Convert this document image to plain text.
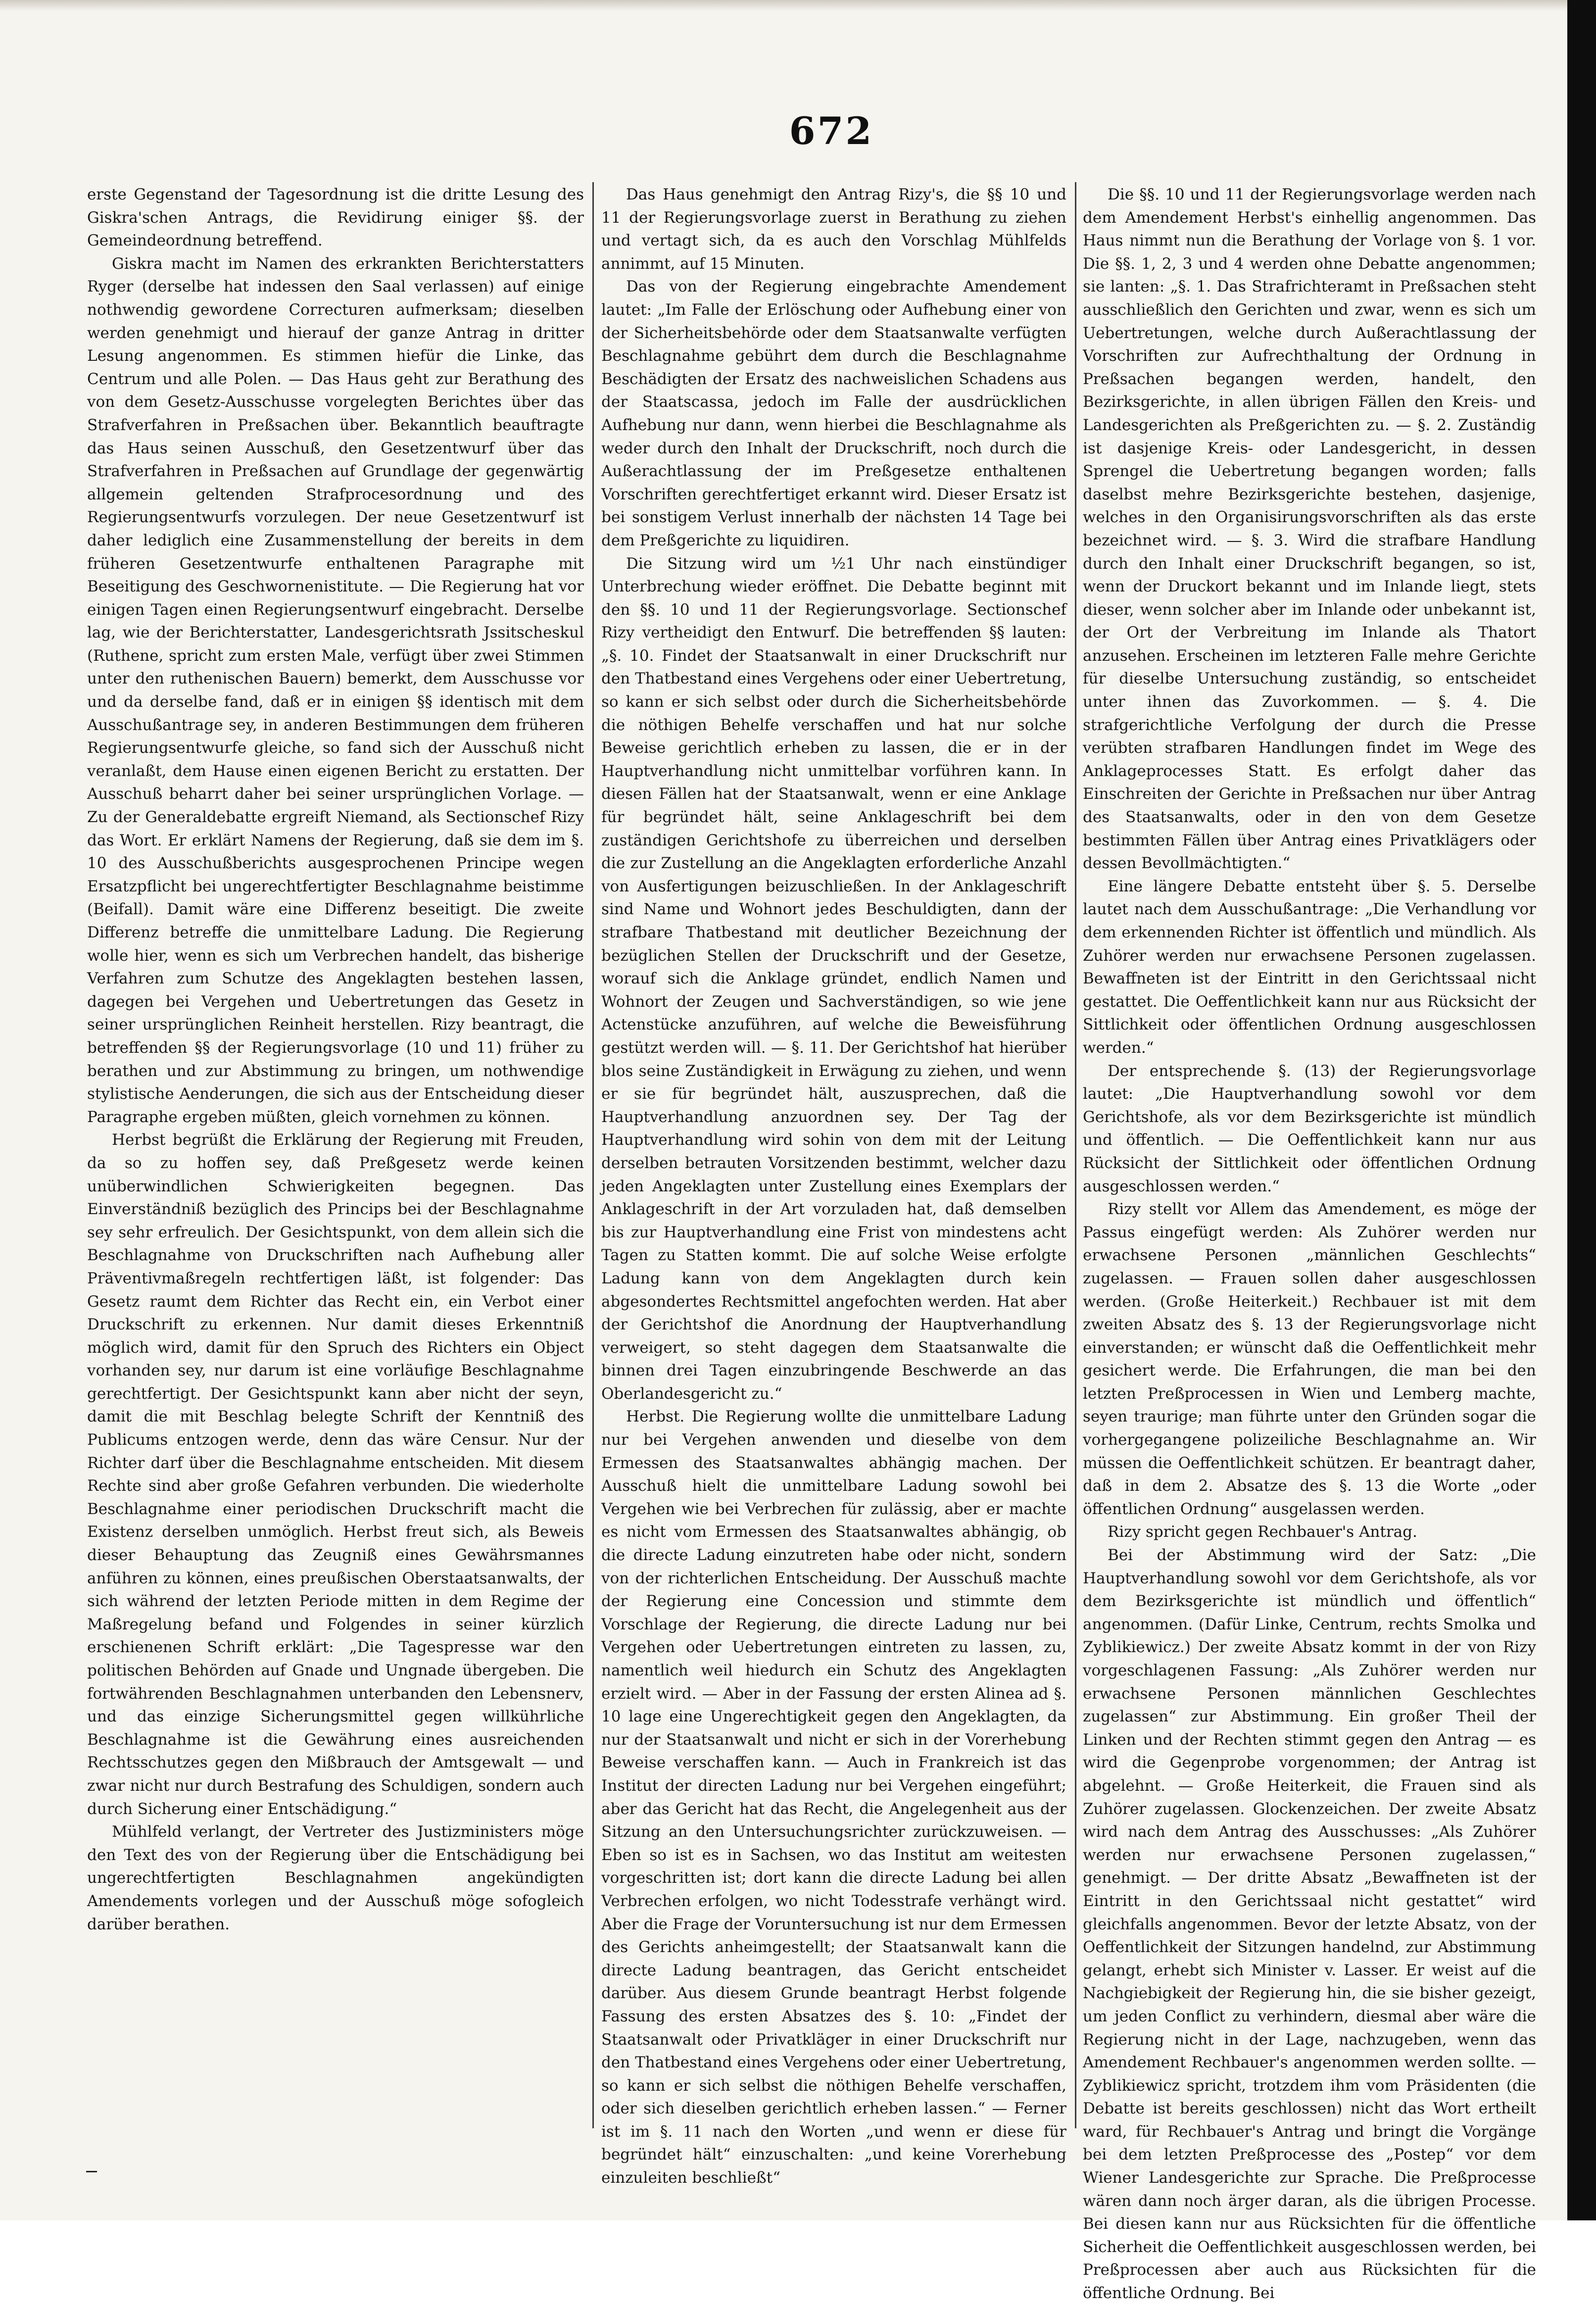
672

erste Gegenstand der Tagesordnung ist die dritte Lesung des Giskra'schen Antrags, die Revidirung einiger §§. der Gemeindeordnung betreffend.

Giskra macht im Namen des erkrankten Berichterstatters Ryger (derselbe hat indessen den Saal verlassen) auf einige nothwendig gewordene Correcturen aufmerksam; dieselben werden genehmigt und hierauf der ganze Antrag in dritter Lesung angenommen. Es stimmen hiefür die Linke, das Centrum und alle Polen. — Das Haus geht zur Berathung des von dem Gesetz-Ausschusse vorgelegten Berichtes über das Strafverfahren in Preßsachen über. Bekanntlich beauftragte das Haus seinen Ausschuß, den Gesetzentwurf über das Strafverfahren in Preßsachen auf Grundlage der gegenwärtig allgemein geltenden Strafprocesordnung und des Regierungsentwurfs vorzulegen. Der neue Gesetzentwurf ist daher lediglich eine Zusammenstellung der bereits in dem früheren Gesetzentwurfe enthaltenen Paragraphe mit Beseitigung des Geschwornenistitute. — Die Regierung hat vor einigen Tagen einen Regierungsentwurf eingebracht. Derselbe lag, wie der Berichterstatter, Landesgerichtsrath Jssitscheskul (Ruthene, spricht zum ersten Male, verfügt über zwei Stimmen unter den ruthenischen Bauern) bemerkt, dem Ausschusse vor und da derselbe fand, daß er in einigen §§ identisch mit dem Ausschußantrage sey, in anderen Bestimmungen dem früheren Regierungsentwurfe gleiche, so fand sich der Ausschuß nicht veranlaßt, dem Hause einen eigenen Bericht zu erstatten. Der Ausschuß beharrt daher bei seiner ursprünglichen Vorlage. — Zu der Generaldebatte ergreift Niemand, als Sectionschef Rizy das Wort. Er erklärt Namens der Regierung, daß sie dem im §. 10 des Ausschußberichts ausgesprochenen Principe wegen Ersatzpflicht bei ungerechtfertigter Beschlagnahme beistimme (Beifall). Damit wäre eine Differenz beseitigt. Die zweite Differenz betreffe die unmittelbare Ladung. Die Regierung wolle hier, wenn es sich um Verbrechen handelt, das bisherige Verfahren zum Schutze des Angeklagten bestehen lassen, dagegen bei Vergehen und Uebertretungen das Gesetz in seiner ursprünglichen Reinheit herstellen. Rizy beantragt, die betreffenden §§ der Regierungsvorlage (10 und 11) früher zu berathen und zur Abstimmung zu bringen, um nothwendige stylistische Aenderungen, die sich aus der Entscheidung dieser Paragraphe ergeben müßten, gleich vornehmen zu können.

Herbst begrüßt die Erklärung der Regierung mit Freuden, da so zu hoffen sey, daß Preßgesetz werde keinen unüberwindlichen Schwierigkeiten begegnen. Das Einverständniß bezüglich des Princips bei der Beschlagnahme sey sehr erfreulich. Der Gesichtspunkt, von dem allein sich die Beschlagnahme von Druckschriften nach Aufhebung aller Präventivmaßregeln rechtfertigen läßt, ist folgender: Das Gesetz raumt dem Richter das Recht ein, ein Verbot einer Druckschrift zu erkennen. Nur damit dieses Erkenntniß möglich wird, damit für den Spruch des Richters ein Object vorhanden sey, nur darum ist eine vorläufige Beschlagnahme gerechtfertigt. Der Gesichtspunkt kann aber nicht der seyn, damit die mit Beschlag belegte Schrift der Kenntniß des Publicums entzogen werde, denn das wäre Censur. Nur der Richter darf über die Beschlagnahme entscheiden. Mit diesem Rechte sind aber große Gefahren verbunden. Die wiederholte Beschlagnahme einer periodischen Druckschrift macht die Existenz derselben unmöglich. Herbst freut sich, als Beweis dieser Behauptung das Zeugniß eines Gewährsmannes anführen zu können, eines preußischen Oberstaatsanwalts, der sich während der letzten Periode mitten in dem Regime der Maßregelung befand und Folgendes in seiner kürzlich erschienenen Schrift erklärt: „Die Tagespresse war den politischen Behörden auf Gnade und Ungnade übergeben. Die fortwährenden Beschlagnahmen unterbanden den Lebensnerv, und das einzige Sicherungsmittel gegen willkührliche Beschlagnahme ist die Gewährung eines ausreichenden Rechtsschutzes gegen den Mißbrauch der Amtsgewalt — und zwar nicht nur durch Bestrafung des Schuldigen, sondern auch durch Sicherung einer Entschädigung.“

Mühlfeld verlangt, der Vertreter des Justizministers möge den Text des von der Regierung über die Entschädigung bei ungerechtfertigten Beschlagnahmen angekündigten Amendements vorlegen und der Ausschuß möge sofogleich darüber berathen.

Das Haus genehmigt den Antrag Rizy's, die §§ 10 und 11 der Regierungsvorlage zuerst in Berathung zu ziehen und vertagt sich, da es auch den Vorschlag Mühlfelds annimmt, auf 15 Minuten.

Das von der Regierung eingebrachte Amendement lautet: „Im Falle der Erlöschung oder Aufhebung einer von der Sicherheitsbehörde oder dem Staatsanwalte verfügten Beschlagnahme gebührt dem durch die Beschlagnahme Beschädigten der Ersatz des nachweislichen Schadens aus der Staatscassa, jedoch im Falle der ausdrücklichen Aufhebung nur dann, wenn hierbei die Beschlagnahme als weder durch den Inhalt der Druckschrift, noch durch die Außerachtlassung der im Preßgesetze enthaltenen Vorschriften gerechtfertiget erkannt wird. Dieser Ersatz ist bei sonstigem Verlust innerhalb der nächsten 14 Tage bei dem Preßgerichte zu liquidiren.

Die Sitzung wird um ½1 Uhr nach einstündiger Unterbrechung wieder eröffnet. Die Debatte beginnt mit den §§. 10 und 11 der Regierungsvorlage. Sectionschef Rizy vertheidigt den Entwurf. Die betreffenden §§ lauten: „§. 10. Findet der Staatsanwalt in einer Druckschrift nur den Thatbestand eines Vergehens oder einer Uebertretung, so kann er sich selbst oder durch die Sicherheitsbehörde die nöthigen Behelfe verschaffen und hat nur solche Beweise gerichtlich erheben zu lassen, die er in der Hauptverhandlung nicht unmittelbar vorführen kann. In diesen Fällen hat der Staatsanwalt, wenn er eine Anklage für begründet hält, seine Anklageschrift bei dem zuständigen Gerichtshofe zu überreichen und derselben die zur Zustellung an die Angeklagten erforderliche Anzahl von Ausfertigungen beizuschließen. In der Anklageschrift sind Name und Wohnort jedes Beschuldigten, dann der strafbare Thatbestand mit deutlicher Bezeichnung der bezüglichen Stellen der Druckschrift und der Gesetze, worauf sich die Anklage gründet, endlich Namen und Wohnort der Zeugen und Sachverständigen, so wie jene Actenstücke anzuführen, auf welche die Beweisführung gestützt werden will. — §. 11. Der Gerichtshof hat hierüber blos seine Zuständigkeit in Erwägung zu ziehen, und wenn er sie für begründet hält, auszusprechen, daß die Hauptverhandlung anzuordnen sey. Der Tag der Hauptverhandlung wird sohin von dem mit der Leitung derselben betrauten Vorsitzenden bestimmt, welcher dazu jeden Angeklagten unter Zustellung eines Exemplars der Anklageschrift in der Art vorzuladen hat, daß demselben bis zur Hauptverhandlung eine Frist von mindestens acht Tagen zu Statten kommt. Die auf solche Weise erfolgte Ladung kann von dem Angeklagten durch kein abgesondertes Rechtsmittel angefochten werden. Hat aber der Gerichtshof die Anordnung der Hauptverhandlung verweigert, so steht dagegen dem Staatsanwalte die binnen drei Tagen einzubringende Beschwerde an das Oberlandesgericht zu.“

Herbst. Die Regierung wollte die unmittelbare Ladung nur bei Vergehen anwenden und dieselbe von dem Ermessen des Staatsanwaltes abhängig machen. Der Ausschuß hielt die unmittelbare Ladung sowohl bei Vergehen wie bei Verbrechen für zulässig, aber er machte es nicht vom Ermessen des Staatsanwaltes abhängig, ob die directe Ladung einzutreten habe oder nicht, sondern von der richterlichen Entscheidung. Der Ausschuß machte der Regierung eine Concession und stimmte dem Vorschlage der Regierung, die directe Ladung nur bei Vergehen oder Uebertretungen eintreten zu lassen, zu, namentlich weil hiedurch ein Schutz des Angeklagten erzielt wird. — Aber in der Fassung der ersten Alinea ad §. 10 lage eine Ungerechtigkeit gegen den Angeklagten, da nur der Staatsanwalt und nicht er sich in der Vorerhebung Beweise verschaffen kann. — Auch in Frankreich ist das Institut der directen Ladung nur bei Vergehen eingeführt; aber das Gericht hat das Recht, die Angelegenheit aus der Sitzung an den Untersuchungsrichter zurückzuweisen. — Eben so ist es in Sachsen, wo das Institut am weitesten vorgeschritten ist; dort kann die directe Ladung bei allen Verbrechen erfolgen, wo nicht Todesstrafe verhängt wird. Aber die Frage der Voruntersuchung ist nur dem Ermessen des Gerichts anheimgestellt; der Staatsanwalt kann die directe Ladung beantragen, das Gericht entscheidet darüber. Aus diesem Grunde beantragt Herbst folgende Fassung des ersten Absatzes des §. 10: „Findet der Staatsanwalt oder Privatkläger in einer Druckschrift nur den Thatbestand eines Vergehens oder einer Uebertretung, so kann er sich selbst die nöthigen Behelfe verschaffen, oder sich dieselben gerichtlich erheben lassen.“ — Ferner ist im §. 11 nach den Worten „und wenn er diese für begründet hält“ einzuschalten: „und keine Vorerhebung einzuleiten beschließt“

Die §§. 10 und 11 der Regierungsvorlage werden nach dem Amendement Herbst's einhellig angenommen. Das Haus nimmt nun die Berathung der Vorlage von §. 1 vor. Die §§. 1, 2, 3 und 4 werden ohne Debatte angenommen; sie lanten: „§. 1. Das Strafrichteramt in Preßsachen steht ausschließlich den Gerichten und zwar, wenn es sich um Uebertretungen, welche durch Außerachtlassung der Vorschriften zur Aufrechthaltung der Ordnung in Preßsachen begangen werden, handelt, den Bezirksgerichte, in allen übrigen Fällen den Kreis- und Landesgerichten als Preßgerichten zu. — §. 2. Zuständig ist dasjenige Kreis- oder Landesgericht, in dessen Sprengel die Uebertretung begangen worden; falls daselbst mehre Bezirksgerichte bestehen, dasjenige, welches in den Organisirungsvorschriften als das erste bezeichnet wird. — §. 3. Wird die strafbare Handlung durch den Inhalt einer Druckschrift begangen, so ist, wenn der Druckort bekannt und im Inlande liegt, stets dieser, wenn solcher aber im Inlande oder unbekannt ist, der Ort der Verbreitung im Inlande als Thatort anzusehen. Erscheinen im letzteren Falle mehre Gerichte für dieselbe Untersuchung zuständig, so entscheidet unter ihnen das Zuvorkommen. — §. 4. Die strafgerichtliche Verfolgung der durch die Presse verübten strafbaren Handlungen findet im Wege des Anklageprocesses Statt. Es erfolgt daher das Einschreiten der Gerichte in Preßsachen nur über Antrag des Staatsanwalts, oder in den von dem Gesetze bestimmten Fällen über Antrag eines Privatklägers oder dessen Bevollmächtigten.“

Eine längere Debatte entsteht über §. 5. Derselbe lautet nach dem Ausschußantrage: „Die Verhandlung vor dem erkennenden Richter ist öffentlich und mündlich. Als Zuhörer werden nur erwachsene Personen zugelassen. Bewaffneten ist der Eintritt in den Gerichtssaal nicht gestattet. Die Oeffentlichkeit kann nur aus Rücksicht der Sittlichkeit oder öffentlichen Ordnung ausgeschlossen werden.“

Der entsprechende §. (13) der Regierungsvorlage lautet: „Die Hauptverhandlung sowohl vor dem Gerichtshofe, als vor dem Bezirksgerichte ist mündlich und öffentlich. — Die Oeffentlichkeit kann nur aus Rücksicht der Sittlichkeit oder öffentlichen Ordnung ausgeschlossen werden.“

Rizy stellt vor Allem das Amendement, es möge der Passus eingefügt werden: Als Zuhörer werden nur erwachsene Personen „männlichen Geschlechts“ zugelassen. — Frauen sollen daher ausgeschlossen werden. (Große Heiterkeit.) Rechbauer ist mit dem zweiten Absatz des §. 13 der Regierungsvorlage nicht einverstanden; er wünscht daß die Oeffentlichkeit mehr gesichert werde. Die Erfahrungen, die man bei den letzten Preßprocessen in Wien und Lemberg machte, seyen traurige; man führte unter den Gründen sogar die vorhergegangene polizeiliche Beschlagnahme an. Wir müssen die Oeffentlichkeit schützen. Er beantragt daher, daß in dem 2. Absatze des §. 13 die Worte „oder öffentlichen Ordnung“ ausgelassen werden.

Rizy spricht gegen Rechbauer's Antrag.

Bei der Abstimmung wird der Satz: „Die Hauptverhandlung sowohl vor dem Gerichtshofe, als vor dem Bezirksgerichte ist mündlich und öffentlich“ angenommen. (Dafür Linke, Centrum, rechts Smolka und Zyblikiewicz.) Der zweite Absatz kommt in der von Rizy vorgeschlagenen Fassung: „Als Zuhörer werden nur erwachsene Personen männlichen Geschlechtes zugelassen“ zur Abstimmung. Ein großer Theil der Linken und der Rechten stimmt gegen den Antrag — es wird die Gegenprobe vorgenommen; der Antrag ist abgelehnt. — Große Heiterkeit, die Frauen sind als Zuhörer zugelassen. Glockenzeichen. Der zweite Absatz wird nach dem Antrag des Ausschusses: „Als Zuhörer werden nur erwachsene Personen zugelassen,“ genehmigt. — Der dritte Absatz „Bewaffneten ist der Eintritt in den Gerichtssaal nicht gestattet“ wird gleichfalls angenommen. Bevor der letzte Absatz, von der Oeffentlichkeit der Sitzungen handelnd, zur Abstimmung gelangt, erhebt sich Minister v. Lasser. Er weist auf die Nachgiebigkeit der Regierung hin, die sie bisher gezeigt, um jeden Conflict zu verhindern, diesmal aber wäre die Regierung nicht in der Lage, nachzugeben, wenn das Amendement Rechbauer's angenommen werden sollte. — Zyblikiewicz spricht, trotzdem ihm vom Präsidenten (die Debatte ist bereits geschlossen) nicht das Wort ertheilt ward, für Rechbauer's Antrag und bringt die Vorgänge bei dem letzten Preßprocesse des „Postep“ vor dem Wiener Landesgerichte zur Sprache. Die Preßprocesse wären dann noch ärger daran, als die übrigen Processe. Bei diesen kann nur aus Rücksichten für die öffentliche Sicherheit die Oeffentlichkeit ausgeschlossen werden, bei Preßprocessen aber auch aus Rücksichten für die öffentliche Ordnung. Bei
